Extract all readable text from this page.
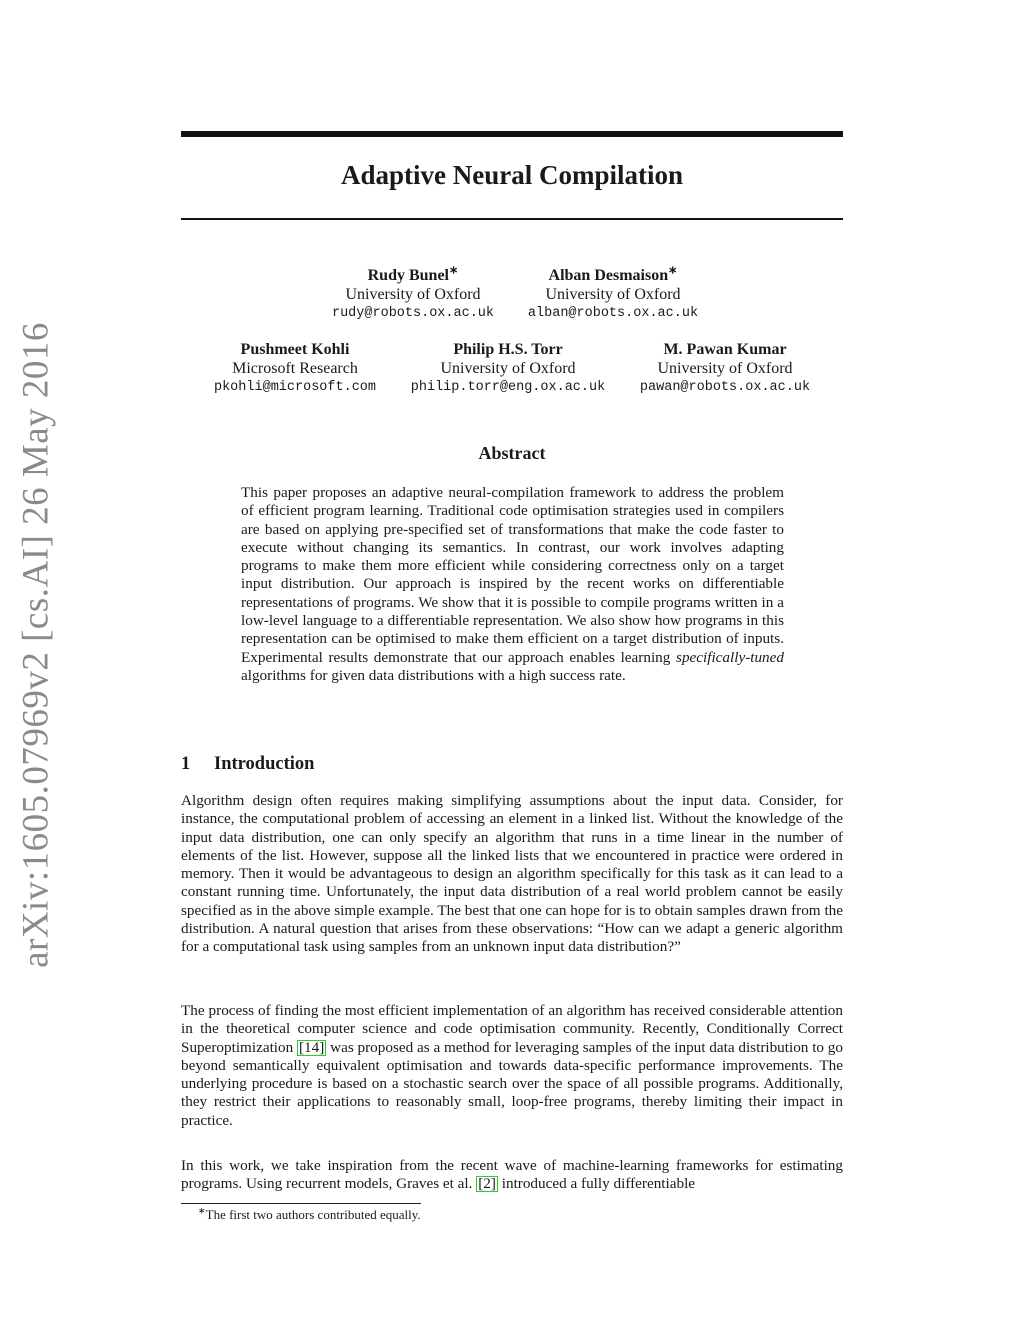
arXiv:1605.07969v2 [cs.AI] 26 May 2016
Adaptive Neural Compilation
Rudy Bunel∗
University of Oxford
rudy@robots.ox.ac.uk
Alban Desmaison∗
University of Oxford
alban@robots.ox.ac.uk
Pushmeet Kohli
Microsoft Research
pkohli@microsoft.com
Philip H.S. Torr
University of Oxford
philip.torr@eng.ox.ac.uk
M. Pawan Kumar
University of Oxford
pawan@robots.ox.ac.uk
Abstract
This paper proposes an adaptive neural-compilation framework to address the problem of efficient program learning. Traditional code optimisation strategies used in compilers are based on applying pre-specified set of transformations that make the code faster to execute without changing its semantics. In contrast, our work involves adapting programs to make them more efficient while considering correctness only on a target input distribution. Our approach is inspired by the recent works on differentiable representations of programs. We show that it is possible to compile programs written in a low-level language to a differentiable representation. We also show how programs in this representation can be optimised to make them efficient on a target distribution of inputs. Experimental results demonstrate that our approach enables learning specifically-tuned algorithms for given data distributions with a high success rate.
1 Introduction
Algorithm design often requires making simplifying assumptions about the input data. Consider, for instance, the computational problem of accessing an element in a linked list. Without the knowledge of the input data distribution, one can only specify an algorithm that runs in a time linear in the number of elements of the list. However, suppose all the linked lists that we encountered in practice were ordered in memory. Then it would be advantageous to design an algorithm specifically for this task as it can lead to a constant running time. Unfortunately, the input data distribution of a real world problem cannot be easily specified as in the above simple example. The best that one can hope for is to obtain samples drawn from the distribution. A natural question that arises from these observations: “How can we adapt a generic algorithm for a computational task using samples from an unknown input data distribution?”
The process of finding the most efficient implementation of an algorithm has received considerable attention in the theoretical computer science and code optimisation community. Recently, Conditionally Correct Superoptimization [14] was proposed as a method for leveraging samples of the input data distribution to go beyond semantically equivalent optimisation and towards data-specific performance improvements. The underlying procedure is based on a stochastic search over the space of all possible programs. Additionally, they restrict their applications to reasonably small, loop-free programs, thereby limiting their impact in practice.
In this work, we take inspiration from the recent wave of machine-learning frameworks for estimating programs. Using recurrent models, Graves et al. [2] introduced a fully differentiable
∗The first two authors contributed equally.
